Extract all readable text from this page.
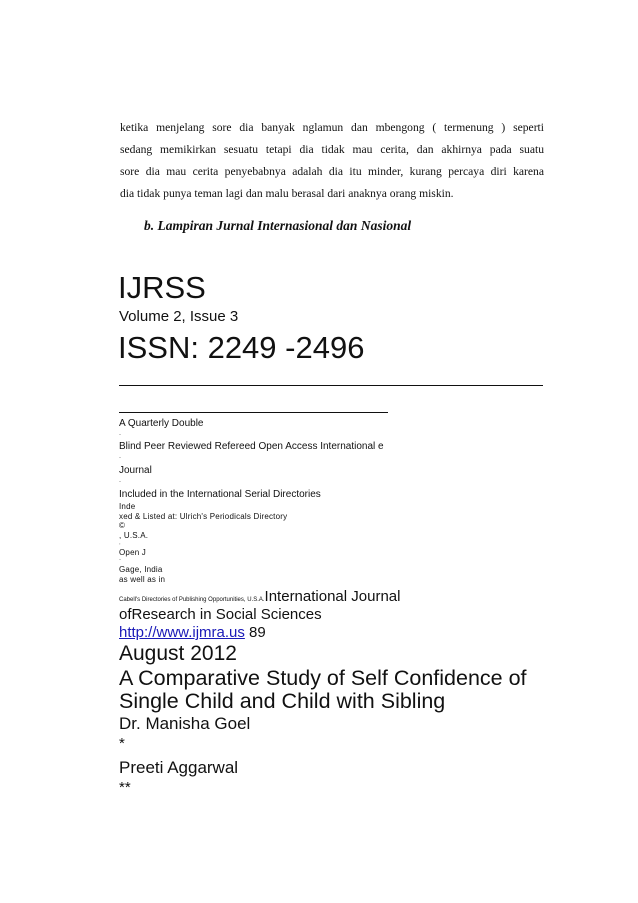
ketika menjelang sore dia banyak nglamun dan mbengong ( termenung ) seperti
sedang memikirkan sesuatu tetapi dia tidak mau cerita, dan akhirnya pada suatu
sore dia mau cerita penyebabnya adalah dia itu minder, kurang percaya diri karena
dia tidak punya teman lagi dan malu berasal dari anaknya orang miskin.
b. Lampiran Jurnal Internasional dan Nasional
IJRSS
Volume 2, Issue 3
ISSN: 2249 -2496
A Quarterly Double
-
Blind Peer Reviewed Refereed Open Access International e
-
Journal
-
Included in the International Serial Directories
Inde
xed & Listed at: Ulrich's Periodicals Directory
©
, U.S.A.
,
Open J
-
Gage, India
as well as in
Cabell's Directories of Publishing Opportunities, U.S.A.International Journal
ofResearch in Social Sciences
http://www.ijmra.us 89
August 2012
A Comparative Study of Self Confidence of
Single Child and Child with Sibling
Dr. Manisha Goel
*
Preeti Aggarwal
**
